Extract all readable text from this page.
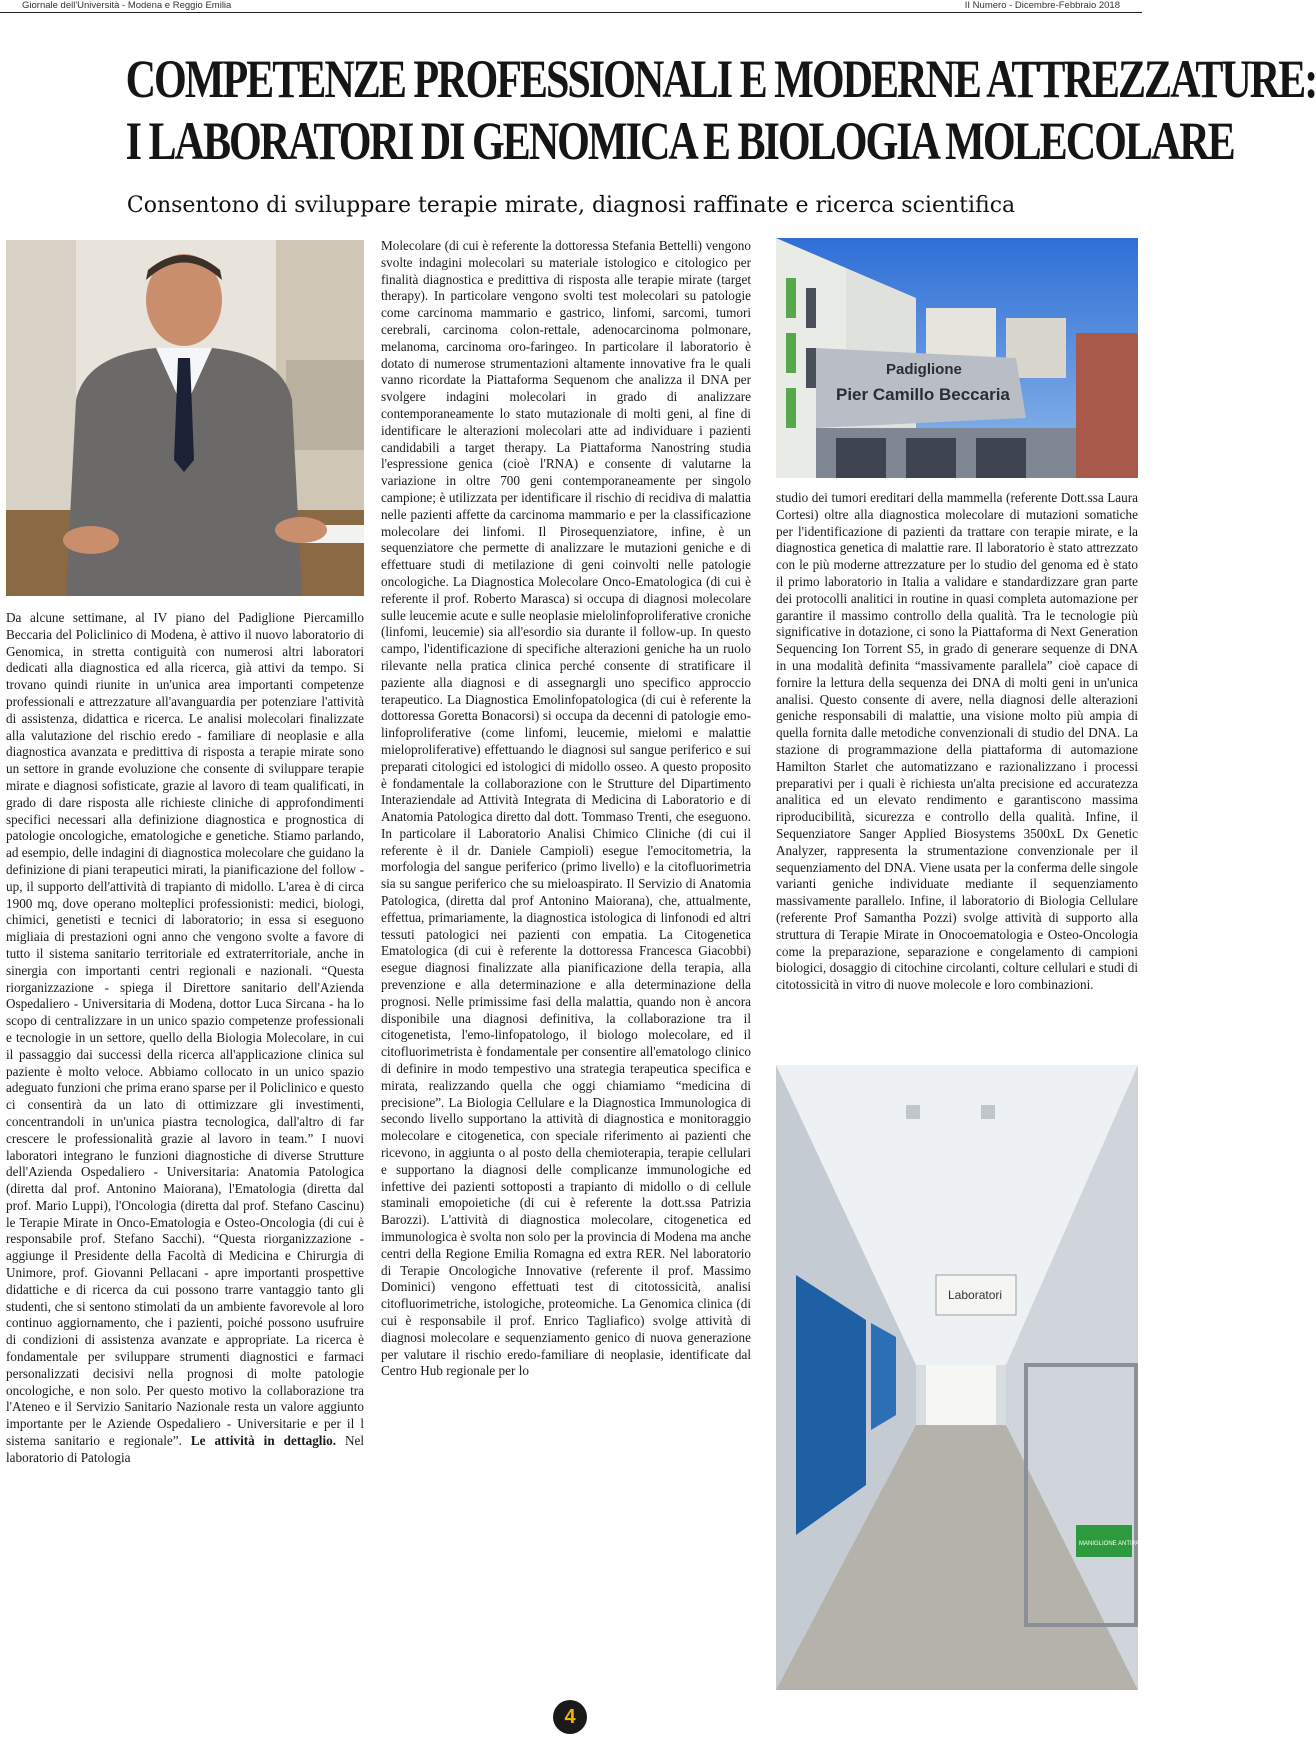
Giornale dell'Università - Modena e Reggio Emilia	II Numero - Dicembre-Febbraio 2018
COMPETENZE PROFESSIONALI E MODERNE ATTREZZATURE:
I LABORATORI DI GENOMICA E BIOLOGIA MOLECOLARE
Consentono di sviluppare terapie mirate, diagnosi raffinate e ricerca scientifica
Padiglione
Pier Camillo Beccaria
Laboratori
MANIGLIONE ANTIPANICO

Da alcune settimane, al IV piano del Padiglione Piercamillo Beccaria del Policlinico di Modena, è attivo il nuovo laboratorio di Genomica, in stretta contiguità con numerosi altri laboratori dedicati alla diagnostica ed alla ricerca, già attivi da tempo. Si trovano quindi riunite in un'unica area importanti competenze professionali e attrezzature all'avanguardia per potenziare l'attività di assistenza, didattica e ricerca. Le analisi molecolari finalizzate alla valutazione del rischio eredo - familiare di neoplasie e alla diagnostica avanzata e predittiva di risposta a terapie mirate sono un settore in grande evoluzione che consente di sviluppare terapie mirate e diagnosi sofisticate, grazie al lavoro di team qualificati, in grado di dare risposta alle richieste cliniche di approfondimenti specifici necessari alla definizione diagnostica e prognostica di patologie oncologiche, ematologiche e genetiche. Stiamo parlando, ad esempio, delle indagini di diagnostica molecolare che guidano la definizione di piani terapeutici mirati, la pianificazione del follow - up, il supporto dell'attività di trapianto di midollo. L'area è di circa 1900 mq, dove operano molteplici professionisti: medici, biologi, chimici, genetisti e tecnici di laboratorio; in essa si eseguono migliaia di prestazioni ogni anno che vengono svolte a favore di tutto il sistema sanitario territoriale ed extraterritoriale, anche in sinergia con importanti centri regionali e nazionali. “Questa riorganizzazione - spiega il Direttore sanitario dell'Azienda Ospedaliero - Universitaria di Modena, dottor Luca Sircana - ha lo scopo di centralizzare in un unico spazio competenze professionali e tecnologie in un settore, quello della Biologia Molecolare, in cui il passaggio dai successi della ricerca all'applicazione clinica sul paziente è molto veloce. Abbiamo collocato in un unico spazio adeguato funzioni che prima erano sparse per il Policlinico e questo ci consentirà da un lato di ottimizzare gli investimenti, concentrandoli in un'unica piastra tecnologica, dall'altro di far crescere le professionalità grazie al lavoro in team.” I nuovi laboratori integrano le funzioni diagnostiche di diverse Strutture dell'Azienda Ospedaliero - Universitaria: Anatomia Patologica (diretta dal prof. Antonino Maiorana), l'Ematologia (diretta dal prof. Mario Luppi), l'Oncologia (diretta dal prof. Stefano Cascinu) le Terapie Mirate in Onco-Ematologia e Osteo-Oncologia (di cui è responsabile prof. Stefano Sacchi). “Questa riorganizzazione - aggiunge il Presidente della Facoltà di Medicina e Chirurgia di Unimore, prof. Giovanni Pellacani - apre importanti prospettive didattiche e di ricerca da cui possono trarre vantaggio tanto gli studenti, che si sentono stimolati da un ambiente favorevole al loro continuo aggiornamento, che i pazienti, poiché possono usufruire di condizioni di assistenza avanzate e appropriate. La ricerca è fondamentale per sviluppare strumenti diagnostici e farmaci personalizzati decisivi nella prognosi di molte patologie oncologiche, e non solo. Per questo motivo la collaborazione tra l'Ateneo e il Servizio Sanitario Nazionale resta un valore aggiunto importante per le Aziende Ospedaliero - Universitarie e per il l sistema sanitario e regionale”. Le attività in dettaglio. Nel laboratorio di Patologia

Molecolare (di cui è referente la dottoressa Stefania Bettelli) vengono svolte indagini molecolari su materiale istologico e citologico per finalità diagnostica e predittiva di risposta alle terapie mirate (target therapy). In particolare vengono svolti test molecolari su patologie come carcinoma mammario e gastrico, linfomi, sarcomi, tumori cerebrali, carcinoma colon-rettale, adenocarcinoma polmonare, melanoma, carcinoma oro-faringeo. In particolare il laboratorio è dotato di numerose strumentazioni altamente innovative fra le quali vanno ricordate la Piattaforma Sequenom che analizza il DNA per svolgere indagini molecolari in grado di analizzare contemporaneamente lo stato mutazionale di molti geni, al fine di identificare le alterazioni molecolari atte ad individuare i pazienti candidabili a target therapy. La Piattaforma Nanostring studia l'espressione genica (cioè l'RNA) e consente di valutarne la variazione in oltre 700 geni contemporaneamente per singolo campione; è utilizzata per identificare il rischio di recidiva di malattia nelle pazienti affette da carcinoma mammario e per la classificazione molecolare dei linfomi. Il Pirosequenziatore, infine, è un sequenziatore che permette di analizzare le mutazioni geniche e di effettuare studi di metilazione di geni coinvolti nelle patologie oncologiche. La Diagnostica Molecolare Onco-Ematologica (di cui è referente il prof. Roberto Marasca) si occupa di diagnosi molecolare sulle leucemie acute e sulle neoplasie mielolinfoproliferative croniche (linfomi, leucemie) sia all'esordio sia durante il follow-up. In questo campo, l'identificazione di specifiche alterazioni geniche ha un ruolo rilevante nella pratica clinica perché consente di stratificare il paziente alla diagnosi e di assegnargli uno specifico approccio terapeutico. La Diagnostica Emolinfopatologica (di cui è referente la dottoressa Goretta Bonacorsi) si occupa da decenni di patologie emo-linfoproliferative (come linfomi, leucemie, mielomi e malattie mieloproliferative) effettuando le diagnosi sul sangue periferico e sui preparati citologici ed istologici di midollo osseo. A questo proposito è fondamentale la collaborazione con le Strutture del Dipartimento Interaziendale ad Attività Integrata di Medicina di Laboratorio e di Anatomia Patologica diretto dal dott. Tommaso Trenti, che eseguono. In particolare il Laboratorio Analisi Chimico Cliniche (di cui il referente è il dr. Daniele Campioli) esegue l'emocitometria, la morfologia del sangue periferico (primo livello) e la citofluorimetria sia su sangue periferico che su mieloaspirato. Il Servizio di Anatomia Patologica, (diretta dal prof Antonino Maiorana), che, attualmente, effettua, primariamente, la diagnostica istologica di linfonodi ed altri tessuti patologici nei pazienti con empatia. La Citogenetica Ematologica (di cui è referente la dottoressa Francesca Giacobbi) esegue diagnosi finalizzate alla pianificazione della terapia, alla prevenzione e alla determinazione e alla determinazione della prognosi. Nelle primissime fasi della malattia, quando non è ancora disponibile una diagnosi definitiva, la collaborazione tra il citogenetista, l'emo-linfopatologo, il biologo molecolare, ed il citofluorimetrista è fondamentale per consentire all'ematologo clinico di definire in modo tempestivo una strategia terapeutica specifica e mirata, realizzando quella che oggi chiamiamo “medicina di precisione”. La Biologia Cellulare e la Diagnostica Immunologica di secondo livello supportano la attività di diagnostica e monitoraggio molecolare e citogenetica, con speciale riferimento ai pazienti che ricevono, in aggiunta o al posto della chemioterapia, terapie cellulari e supportano la diagnosi delle complicanze immunologiche ed infettive dei pazienti sottoposti a trapianto di midollo o di cellule staminali emopoietiche (di cui è referente la dott.ssa Patrizia Barozzi). L'attività di diagnostica molecolare, citogenetica ed immunologica è svolta non solo per la provincia di Modena ma anche centri della Regione Emilia Romagna ed extra RER. Nel laboratorio di Terapie Oncologiche Innovative (referente il prof. Massimo Dominici) vengono effettuati test di citotossicità, analisi citofluorimetriche, istologiche, proteomiche. La Genomica clinica (di cui è responsabile il prof. Enrico Tagliafico) svolge attività di diagnosi molecolare e sequenziamento genico di nuova generazione per valutare il rischio eredo-familiare di neoplasie, identificate dal Centro Hub regionale per lo

studio dei tumori ereditari della mammella (referente Dott.ssa Laura Cortesi) oltre alla diagnostica molecolare di mutazioni somatiche per l'identificazione di pazienti da trattare con terapie mirate, e la diagnostica genetica di malattie rare. Il laboratorio è stato attrezzato con le più moderne attrezzature per lo studio del genoma ed è stato il primo laboratorio in Italia a validare e standardizzare gran parte dei protocolli analitici in routine in quasi completa automazione per garantire il massimo controllo della qualità. Tra le tecnologie più significative in dotazione, ci sono la Piattaforma di Next Generation Sequencing Ion Torrent S5, in grado di generare sequenze di DNA in una modalità definita “massivamente parallela” cioè capace di fornire la lettura della sequenza dei DNA di molti geni in un'unica analisi. Questo consente di avere, nella diagnosi delle alterazioni geniche responsabili di malattie, una visione molto più ampia di quella fornita dalle metodiche convenzionali di studio del DNA. La stazione di programmazione della piattaforma di automazione Hamilton Starlet che automatizzano e razionalizzano i processi preparativi per i quali è richiesta un'alta precisione ed accuratezza analitica ed un elevato rendimento e garantiscono massima riproducibilità, sicurezza e controllo della qualità. Infine, il Sequenziatore Sanger Applied Biosystems 3500xL Dx Genetic Analyzer, rappresenta la strumentazione convenzionale per il sequenziamento del DNA. Viene usata per la conferma delle singole varianti geniche individuate mediante il sequenziamento massivamente parallelo. Infine, il laboratorio di Biologia Cellulare (referente Prof Samantha Pozzi) svolge attività di supporto alla struttura di Terapie Mirate in Onocoematologia e Osteo-Oncologia come la preparazione, separazione e congelamento di campioni biologici, dosaggio di citochine circolanti, colture cellulari e studi di citotossicità in vitro di nuove molecole e loro combinazioni.

4
